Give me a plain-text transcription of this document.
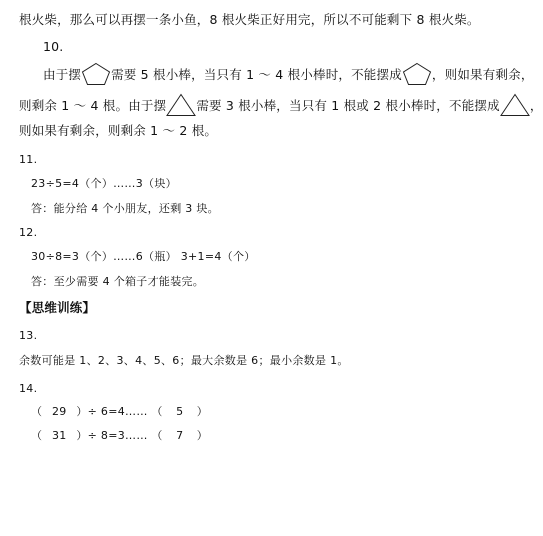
根火柴，那么可以再摆一条小鱼，8 根火柴正好用完，所以不可能剩下 8 根火柴。
10.
由于摆 需要 5 根小棒，当只有 1 ～ 4 根小棒时，不能摆成 ，则如果有剩余，
则剩余 1 ～ 4 根。由于摆 需要 3 根小棒，当只有 1 根或 2 根小棒时，不能摆成 ，
则如果有剩余，则剩余 1 ～ 2 根。
11.
23÷5=4（个）……3（块）
答：能分给 4 个小朋友，还剩 3 块。
12.
30÷8=3（个）……6（瓶） 3+1=4（个）
答：至少需要 4 个箱子才能装完。
【思维训练】
13.
余数可能是 1、2、3、4、5、6；最大余数是 6；最小余数是 1。
14.
（ 29 ）÷ 6=4…… （ 5 ）
（ 31 ）÷ 8=3…… （ 7 ）
